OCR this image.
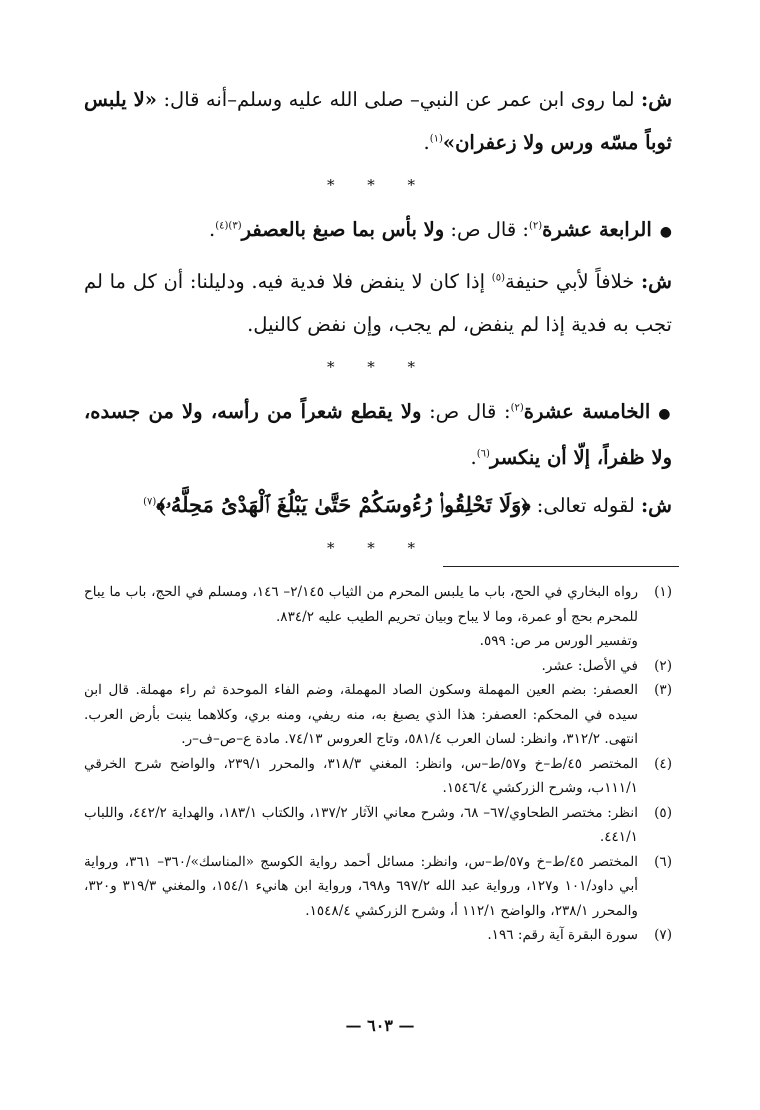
ش: لما روى ابن عمر عن النبي– صلى الله عليه وسلم–أنه قال: «لا يلبس ثوباً مسّه ورس ولا زعفران»$^{(١)}$.

* * *

●الرابعة عشرة$^{(٢)}$: قال ص: ولا بأس بما صبغ بالعصفر$^{(٣)(٤)}$.

ش: خلافاً لأبي حنيفة$^{(٥)}$ إذا كان لا ينفض فلا فدية فيه. ودليلنا: أن كل ما لم تجب به فدية إذا لم ينفض، لم يجب، وإن نفض كالنيل.

* * *

●الخامسة عشرة$^{(٢)}$: قال ص: ولا يقطع شعراً من رأسه، ولا من جسده، ولا ظفراً، إلّا أن ينكسر$^{(٦)}$.

ش: لقوله تعالى: ﴿وَلَا تَحْلِقُوا۟ رُءُوسَكُمْ حَتَّىٰ يَبْلُغَ ٱلْهَدْىُ مَحِلَّهُۥ﴾$^{(٧)}$

* * *
(١)
رواه البخاري في الحج، باب ما يلبس المحرم من الثياب ٢/١٤٥– ١٤٦، ومسلم في الحج، باب ما يباح للمحرم بحج أو عمرة، وما لا يباح وبيان تحريم الطيب عليه ٨٣٤/٢.
وتفسير الورس مر ص: ٥٩٩.
(٢)
في الأصل: عشر.
(٣)
العصفر: بضم العين المهملة وسكون الصاد المهملة، وضم الفاء الموحدة ثم راء مهملة. قال ابن سيده في المحكم: العصفر: هذا الذي يصبغ به، منه ريفي، ومنه بري، وكلاهما ينبت بأرض العرب. انتهى. ٣١٢/٢، وانظر: لسان العرب ٥٨١/٤، وتاج العروس ٧٤/١٣. مادة ع–ص–ف–ر.
(٤)
المختصر ٤٥/ط–خ و٥٧/ط–س، وانظر: المغني ٣١٨/٣، والمحرر ٢٣٩/١، والواضح شرح الخرقي ١١١/١ب، وشرح الزركشي ١٥٤٦/٤.
(٥)
انظر: مختصر الطحاوي/٦٧– ٦٨، وشرح معاني الآثار ١٣٧/٢، والكتاب ١٨٣/١، والهداية ٤٤٢/٢، واللباب ٤٤١/١.
(٦)
المختصر ٤٥/ط–خ و٥٧/ط–س، وانظر: مسائل أحمد رواية الكوسج «المناسك»/٣٦٠– ٣٦١، ورواية أبي داود/١٠١ و١٢٧، ورواية عبد الله ٦٩٧/٢ و٦٩٨، ورواية ابن هانيء ١٥٤/١، والمغني ٣١٩/٣ و٣٢٠، والمحرر ٢٣٨/١، والواضح ١١٢/١ أ، وشرح الزركشي ١٥٤٨/٤.
(٧)
سورة البقرة آية رقم: ١٩٦.
— ٦٠٣ —
